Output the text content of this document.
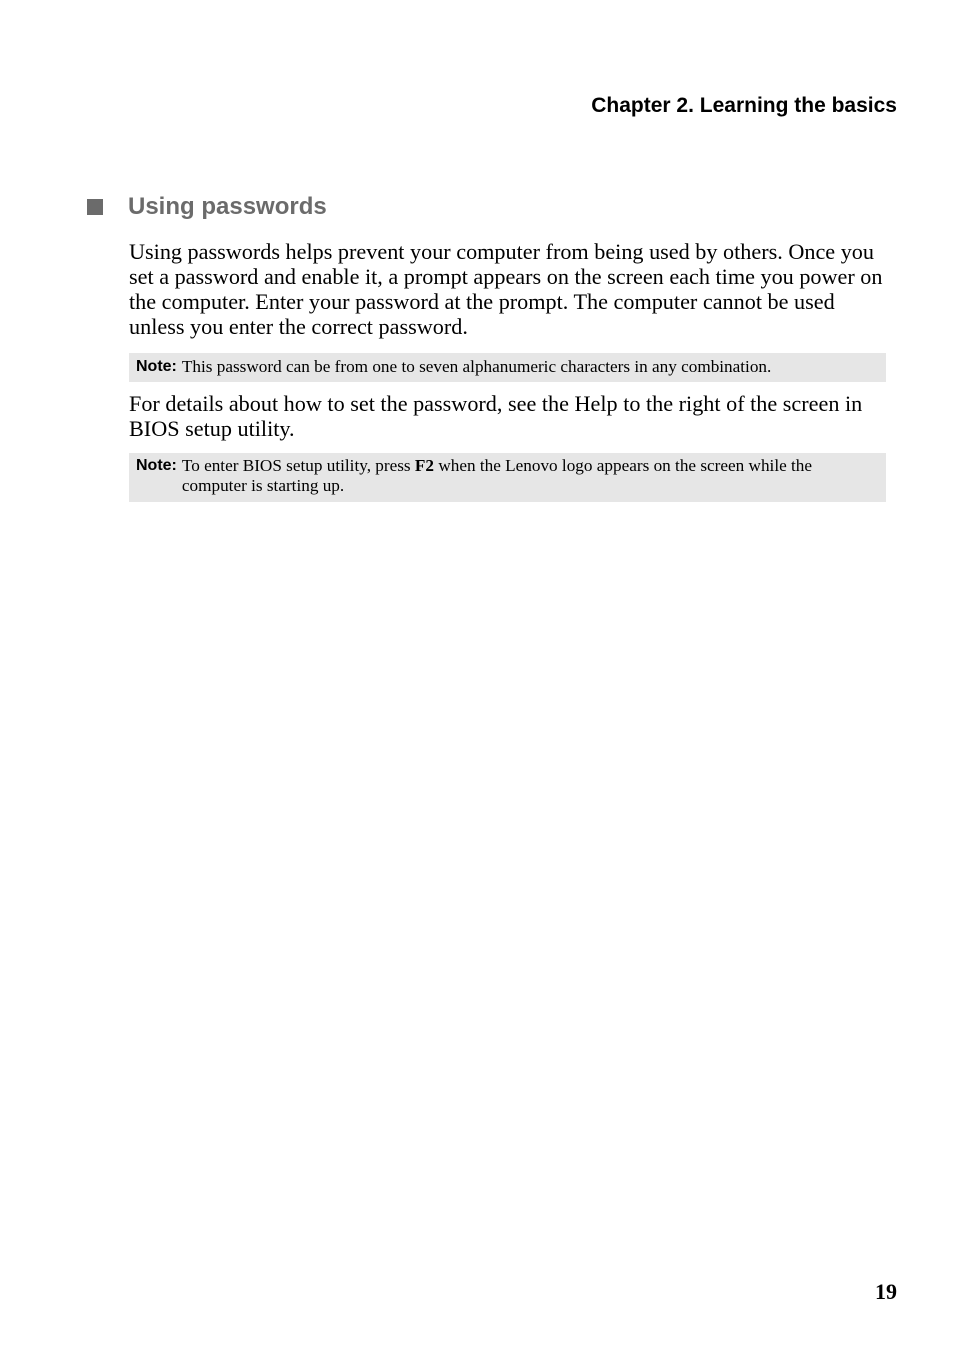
Chapter 2. Learning the basics
Using passwords

Using passwords helps prevent your computer from being used by others. Once you set a password and enable it, a prompt appears on the screen each time you power on the computer. Enter your password at the prompt. The computer cannot be used unless you enter the correct password.

Note: This password can be from one to seven alphanumeric characters in any combination.

For details about how to set the password, see the Help to the right of the screen in BIOS setup utility.

Note: To enter BIOS setup utility, press F2 when the Lenovo logo appears on the screen while the computer is starting up.
19
